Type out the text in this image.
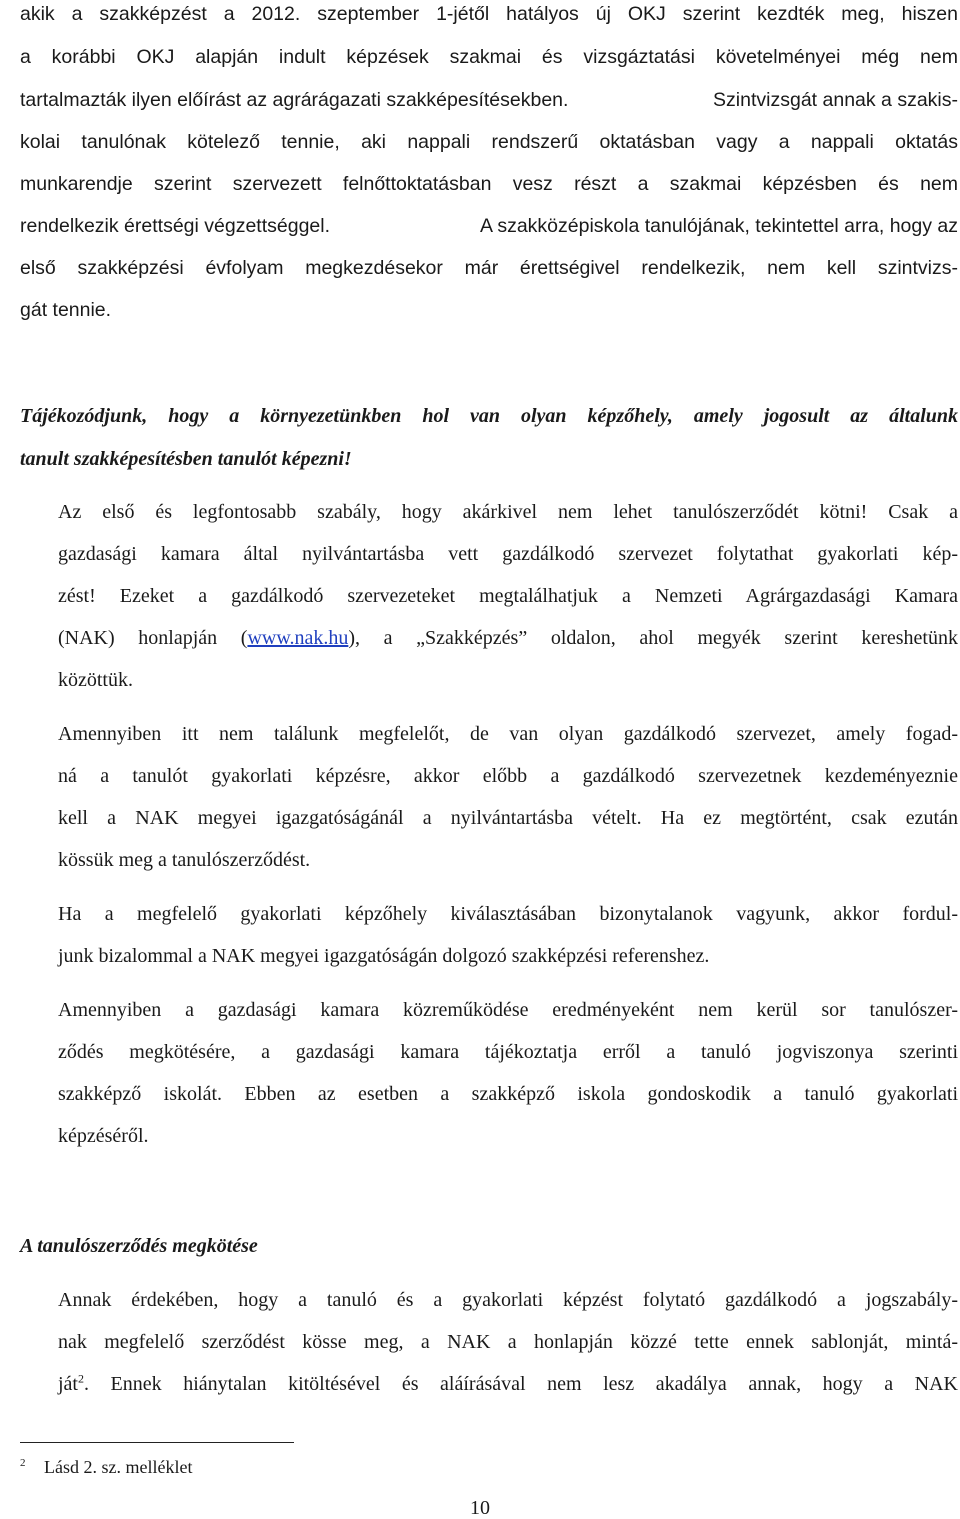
akik a szakképzést a 2012. szeptember 1-jétől hatályos új OKJ szerint kezdték meg, hiszen
a korábbi OKJ alapján indult képzések szakmai és vizsgáztatási követelményei még nem
tartalmazták ilyen előírást az agrárágazati szakképesítésekben.	Szintvizsgát annak a szakis-
kolai tanulónak kötelező tennie, aki nappali rendszerű oktatásban vagy a nappali oktatás
munkarendje szerint szervezett felnőttoktatásban vesz részt a szakmai képzésben és nem
rendelkezik érettségi végzettséggel.	A szakközépiskola tanulójának, tekintettel arra, hogy az
első szakképzési évfolyam megkezdésekor már érettségivel rendelkezik, nem kell szintvizs-
gát tennie.
Tájékozódjunk, hogy a környezetünkben hol van olyan képzőhely, amely jogosult az általunk
tanult szakképesítésben tanulót képezni!
Az első és legfontosabb szabály, hogy akárkivel nem lehet tanulószerződét kötni! Csak a
gazdasági kamara által nyilvántartásba vett gazdálkodó szervezet folytathat gyakorlati kép-
zést! Ezeket a gazdálkodó szervezeteket megtalálhatjuk a Nemzeti Agrárgazdasági Kamara
(NAK) honlapján (www.nak.hu), a „Szakképzés” oldalon, ahol megyék szerint kereshetünk
közöttük.
Amennyiben itt nem találunk megfelelőt, de van olyan gazdálkodó szervezet, amely fogad-
ná a tanulót gyakorlati képzésre, akkor előbb a gazdálkodó szervezetnek kezdeményeznie
kell a NAK megyei igazgatóságánál a nyilvántartásba vételt. Ha ez megtörtént, csak ezután
kössük meg a tanulószerződést.
Ha a megfelelő gyakorlati képzőhely kiválasztásában bizonytalanok vagyunk, akkor fordul-
junk bizalommal a NAK megyei igazgatóságán dolgozó szakképzési referenshez.
Amennyiben a gazdasági kamara közreműködése eredményeként nem kerül sor tanulószer-
ződés megkötésére, a gazdasági kamara tájékoztatja erről a tanuló jogviszonya szerinti
szakképző iskolát. Ebben az esetben a szakképző iskola gondoskodik a tanuló gyakorlati
képzéséről.
A tanulószerződés megkötése
Annak érdekében, hogy a tanuló és a gyakorlati képzést folytató gazdálkodó a jogszabály-
nak megfelelő szerződést kösse meg, a NAK a honlapján közzé tette ennek sablonját, mintá-
ját$^2$. Ennek hiánytalan kitöltésével és aláírásával nem lesz akadálya annak, hogy a NAK
$^2$ Lásd 2. sz. melléklet
10
